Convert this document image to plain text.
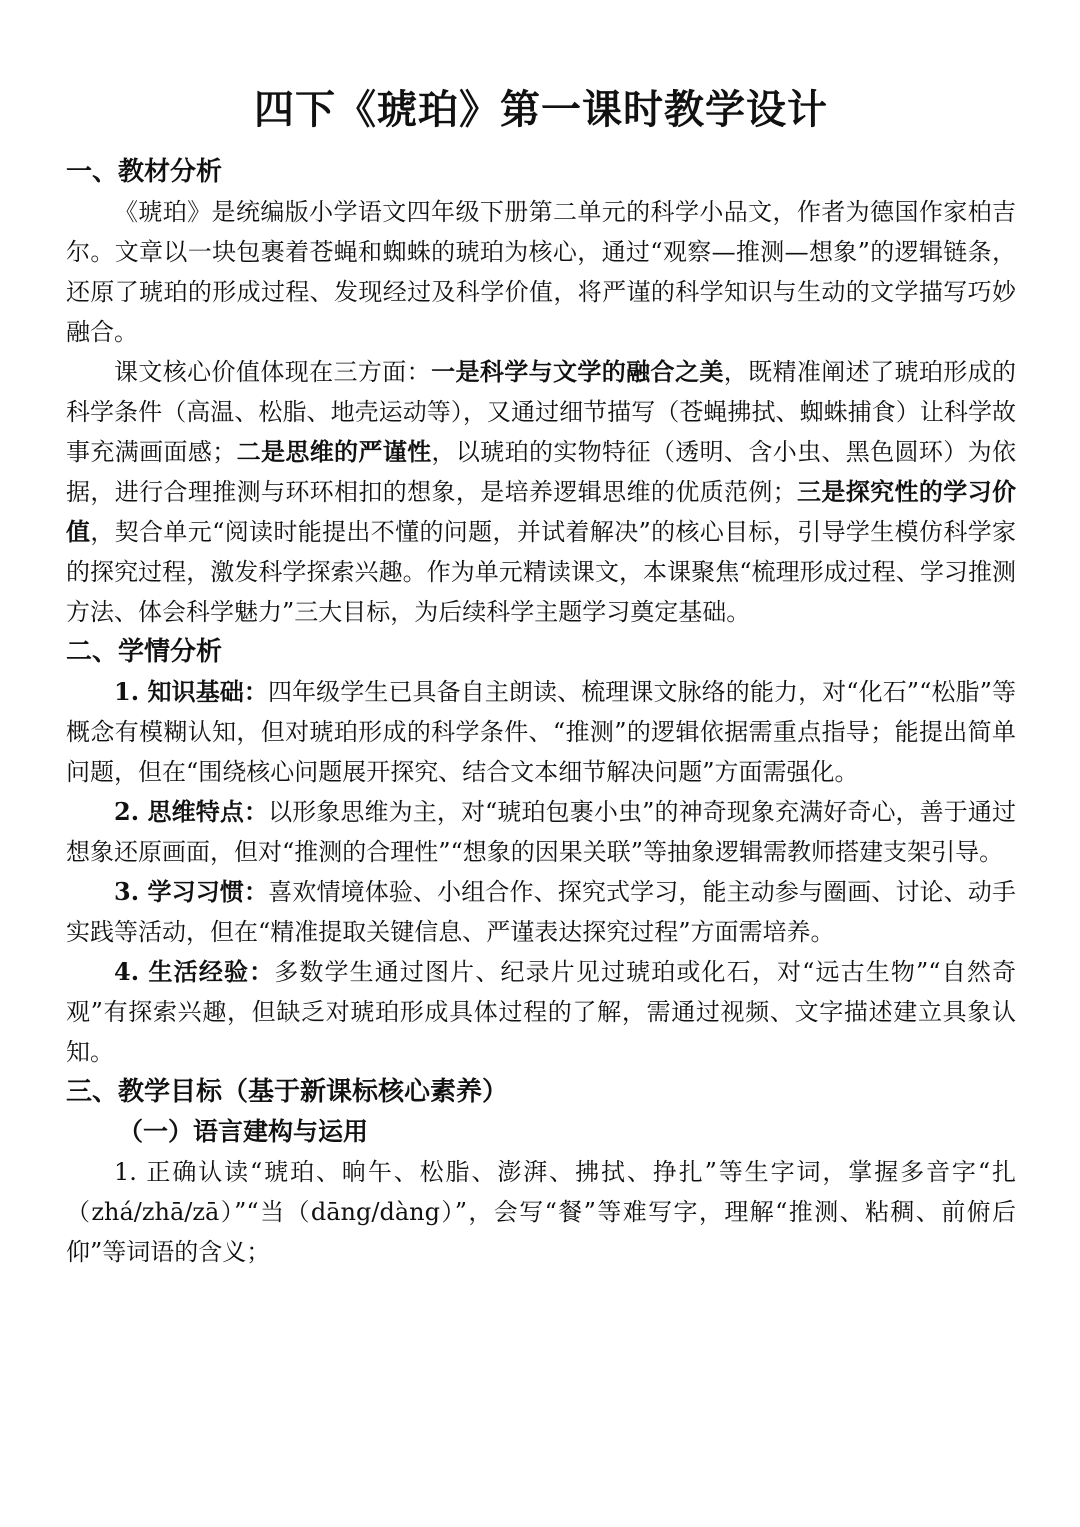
四下《琥珀》第一课时教学设计
一、教材分析

《琥珀》是统编版小学语文四年级下册第二单元的科学小品文，作者为德国作家柏吉尔。文章以一块包裹着苍蝇和蜘蛛的琥珀为核心，通过“观察—推测—想象”的逻辑链条，还原了琥珀的形成过程、发现经过及科学价值，将严谨的科学知识与生动的文学描写巧妙融合。

课文核心价值体现在三方面：一是科学与文学的融合之美，既精准阐述了琥珀形成的科学条件（高温、松脂、地壳运动等），又通过细节描写（苍蝇拂拭、蜘蛛捕食）让科学故事充满画面感；二是思维的严谨性，以琥珀的实物特征（透明、含小虫、黑色圆环）为依据，进行合理推测与环环相扣的想象，是培养逻辑思维的优质范例；三是探究性的学习价值，契合单元“阅读时能提出不懂的问题，并试着解决”的核心目标，引导学生模仿科学家的探究过程，激发科学探索兴趣。作为单元精读课文，本课聚焦“梳理形成过程、学习推测方法、体会科学魅力”三大目标，为后续科学主题学习奠定基础。

二、学情分析

1. 知识基础：四年级学生已具备自主朗读、梳理课文脉络的能力，对“化石”“松脂”等概念有模糊认知，但对琥珀形成的科学条件、“推测”的逻辑依据需重点指导；能提出简单问题，但在“围绕核心问题展开探究、结合文本细节解决问题”方面需强化。

2. 思维特点：以形象思维为主，对“琥珀包裹小虫”的神奇现象充满好奇心，善于通过想象还原画面，但对“推测的合理性”“想象的因果关联”等抽象逻辑需教师搭建支架引导。

3. 学习习惯：喜欢情境体验、小组合作、探究式学习，能主动参与圈画、讨论、动手实践等活动，但在“精准提取关键信息、严谨表达探究过程”方面需培养。

4. 生活经验：多数学生通过图片、纪录片见过琥珀或化石，对“远古生物”“自然奇观”有探索兴趣，但缺乏对琥珀形成具体过程的了解，需通过视频、文字描述建立具象认知。

三、教学目标（基于新课标核心素养）
（一）语言建构与运用

1. 正确认读“琥珀、晌午、松脂、澎湃、拂拭、挣扎”等生字词，掌握多音字“扎（zhá/zhā/zā）”“当（dāng/dàng）”，会写“餐”等难写字，理解“推测、粘稠、前俯后仰”等词语的含义；
